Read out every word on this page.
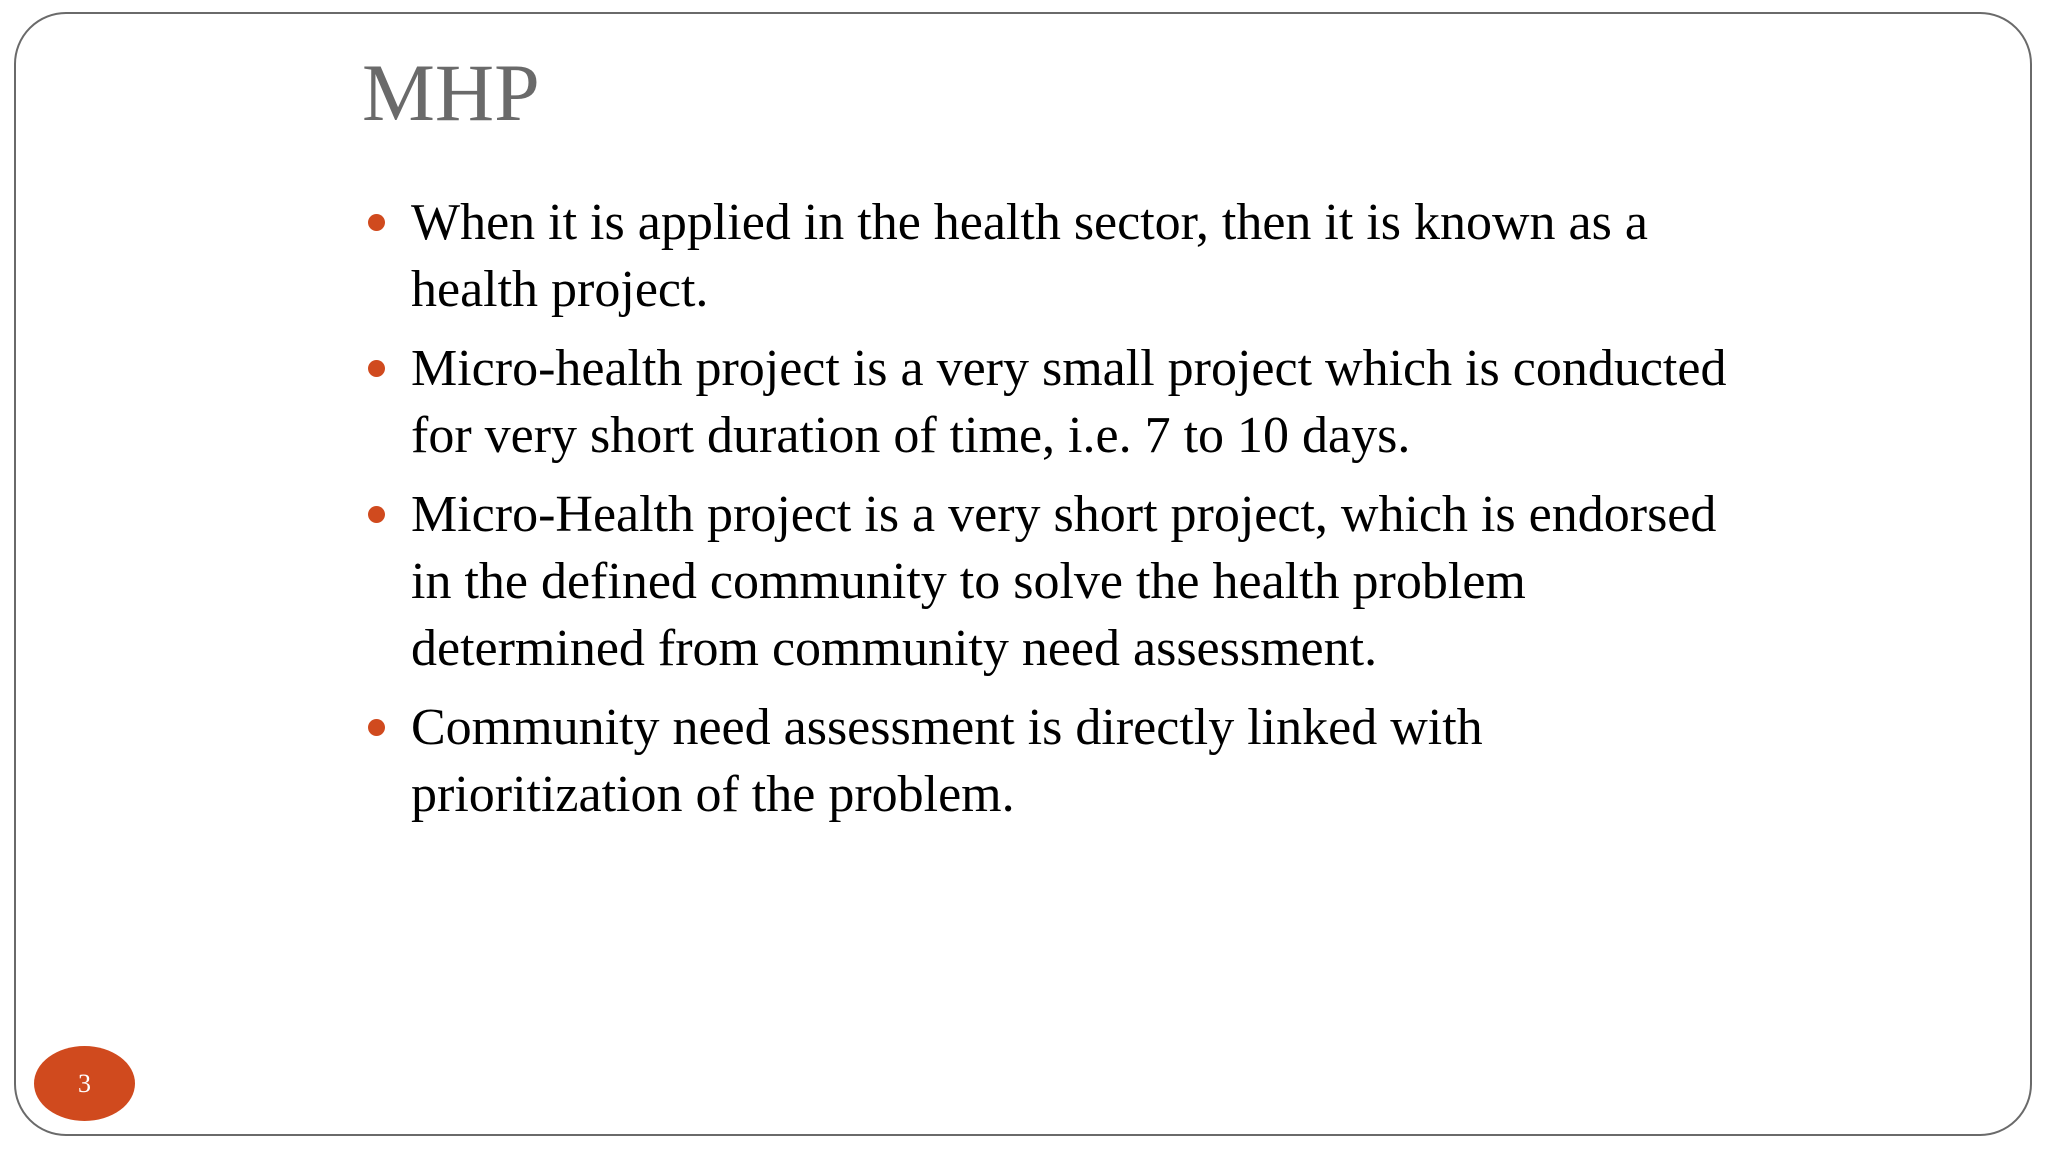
MHP
When it is applied in the health sector, then it is known as a health project.
Micro-health project is a very small project which is conducted for very short duration of time, i.e. 7 to 10 days.
Micro-Health project is a very short project, which is endorsed in the defined community to solve the health problem determined from community need assessment.
Community need assessment is directly linked with prioritization of the problem.
3
